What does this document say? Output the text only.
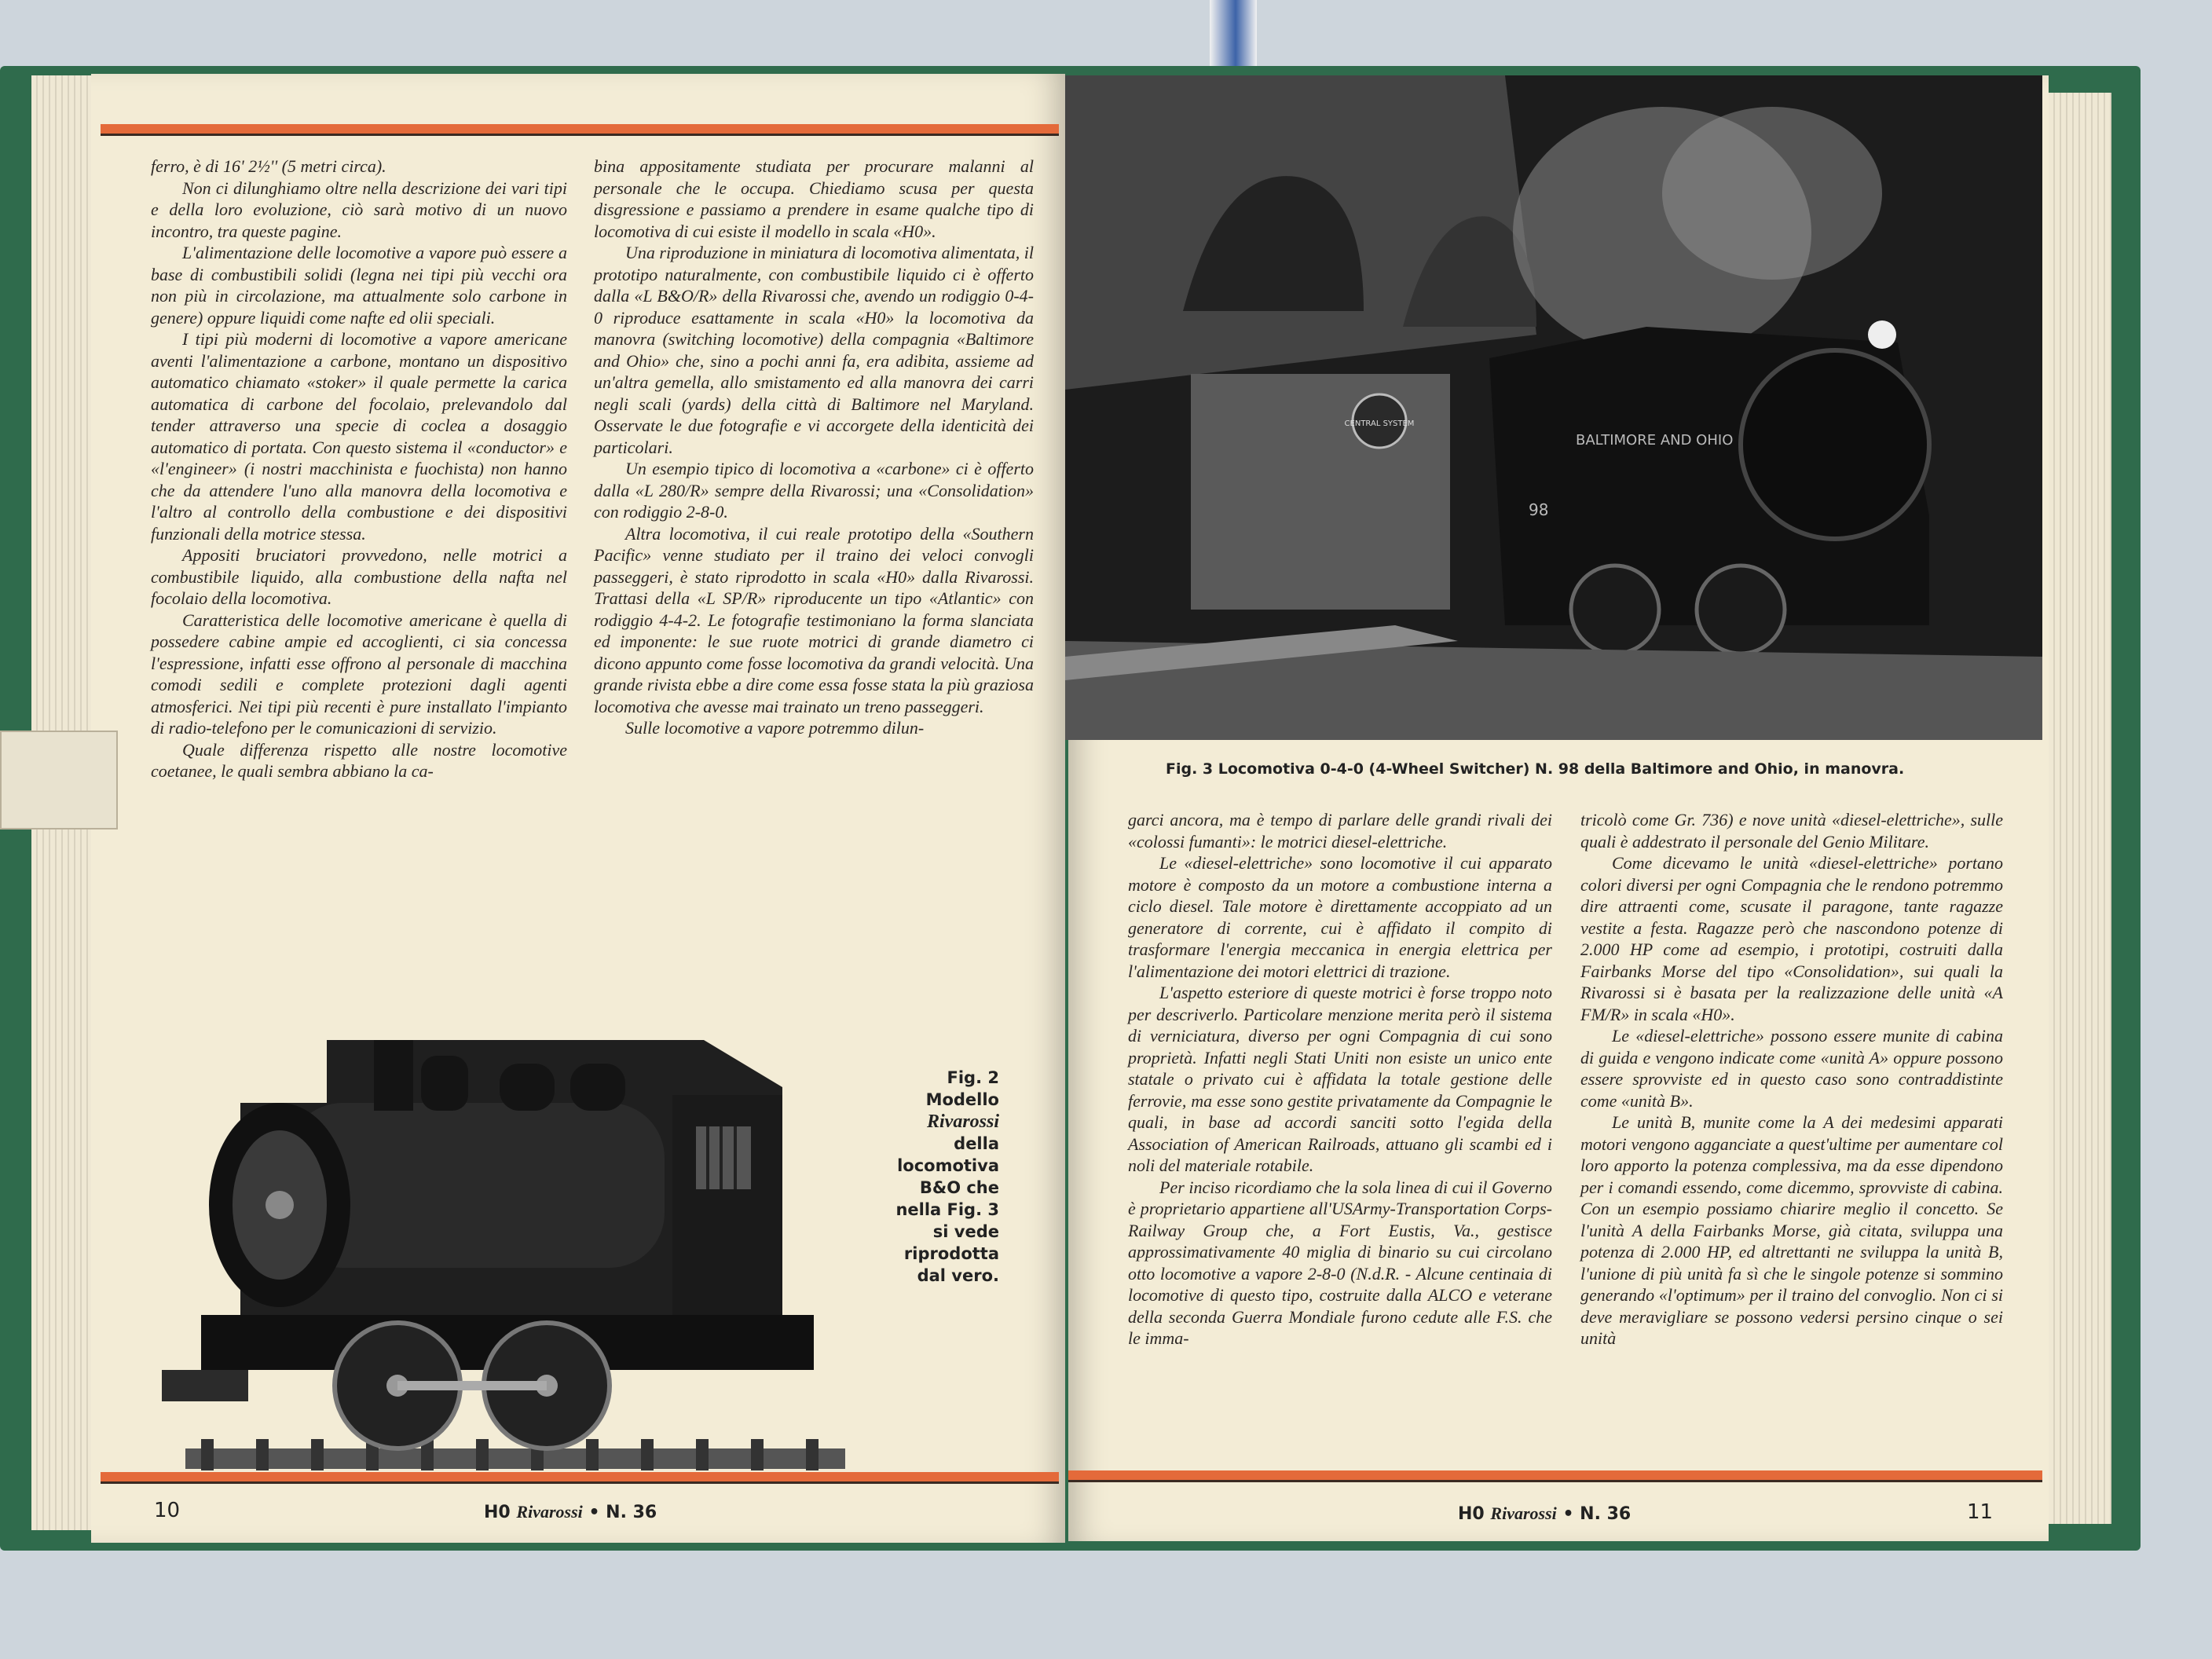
ferro, è di 16' 2½'' (5 metri circa).

Non ci dilunghiamo oltre nella descrizione dei vari tipi e della loro evoluzione, ciò sarà motivo di un nuovo incontro, tra queste pagine.

L'alimentazione delle locomotive a vapore può essere a base di combustibili solidi (legna nei tipi più vecchi ora non più in circolazione, ma attualmente solo carbone in genere) oppure liquidi come nafte ed olii speciali.

I tipi più moderni di locomotive a vapore americane aventi l'alimentazione a carbone, montano un dispositivo automatico chiamato «stoker» il quale permette la carica automatica di carbone del focolaio, prelevandolo dal tender attraverso una specie di coclea a dosaggio automatico di portata. Con questo sistema il «conductor» e «l'engineer» (i nostri macchinista e fuochista) non hanno che da attendere l'uno alla manovra della locomotiva e l'altro al controllo della combustione e dei dispositivi funzionali della motrice stessa.

Appositi bruciatori provvedono, nelle motrici a combustibile liquido, alla combustione della nafta nel focolaio della locomotiva.

Caratteristica delle locomotive americane è quella di possedere cabine ampie ed accoglienti, ci sia concessa l'espressione, infatti esse offrono al personale di macchina comodi sedili e complete protezioni dagli agenti atmosferici. Nei tipi più recenti è pure installato l'impianto di radio-telefono per le comunicazioni di servizio.

Quale differenza rispetto alle nostre locomotive coetanee, le quali sembra abbiano la ca-

bina appositamente studiata per procurare malanni al personale che le occupa. Chiediamo scusa per questa disgressione e passiamo a prendere in esame qualche tipo di locomotiva di cui esiste il modello in scala «H0».

Una riproduzione in miniatura di locomotiva alimentata, il prototipo naturalmente, con combustibile liquido ci è offerto dalla «L B&O/R» della Rivarossi che, avendo un rodiggio 0-4-0 riproduce esattamente in scala «H0» la locomotiva da manovra (switching locomotive) della compagnia «Baltimore and Ohio» che, sino a pochi anni fa, era adibita, assieme ad un'altra gemella, allo smistamento ed alla manovra dei carri negli scali (yards) della città di Baltimore nel Maryland. Osservate le due fotografie e vi accorgete della identicità dei particolari.

Un esempio tipico di locomotiva a «carbone» ci è offerto dalla «L 280/R» sempre della Rivarossi; una «Consolidation» con rodiggio 2-8-0.

Altra locomotiva, il cui reale prototipo della «Southern Pacific» venne studiato per il traino dei veloci convogli passeggeri, è stato riprodotto in scala «H0» dalla Rivarossi. Trattasi della «L SP/R» riproducente un tipo «Atlantic» con rodiggio 4-4-2. Le fotografie testimoniano la forma slanciata ed imponente: le sue ruote motrici di grande diametro ci dicono appunto come fosse locomotiva da grandi velocità. Una grande rivista ebbe a dire come essa fosse stata la più graziosa locomotiva che avesse mai trainato un treno passeggeri.

Sulle locomotive a vapore potremmo dilun-

Fig. 2
Modello
Rivarossi
della
locomotiva
B&O che
nella Fig. 3
si vede
riprodotta
dal vero.
10	H0 Rivarossi • N. 36
Fig. 3 Locomotiva 0-4-0 (4-Wheel Switcher) N. 98 della Baltimore and Ohio, in manovra.

garci ancora, ma è tempo di parlare delle grandi rivali dei «colossi fumanti»: le motrici diesel-elettriche.

Le «diesel-elettriche» sono locomotive il cui apparato motore è composto da un motore a combustione interna a ciclo diesel. Tale motore è direttamente accoppiato ad un generatore di corrente, cui è affidato il compito di trasformare l'energia meccanica in energia elettrica per l'alimentazione dei motori elettrici di trazione.

L'aspetto esteriore di queste motrici è forse troppo noto per descriverlo. Particolare menzione merita però il sistema di verniciatura, diverso per ogni Compagnia di cui sono proprietà. Infatti negli Stati Uniti non esiste un unico ente statale o privato cui è affidata la totale gestione delle ferrovie, ma esse sono gestite privatamente da Compagnie le quali, in base ad accordi sanciti sotto l'egida della Association of American Railroads, attuano gli scambi ed i noli del materiale rotabile.

Per inciso ricordiamo che la sola linea di cui il Governo è proprietario appartiene all'USArmy-Transportation Corps-Railway Group che, a Fort Eustis, Va., gestisce approssimativamente 40 miglia di binario su cui circolano otto locomotive a vapore 2-8-0 (N.d.R. - Alcune centinaia di locomotive di questo tipo, costruite dalla ALCO e veterane della seconda Guerra Mondiale furono cedute alle F.S. che le imma-

tricolò come Gr. 736) e nove unità «diesel-elettriche», sulle quali è addestrato il personale del Genio Militare.

Come dicevamo le unità «diesel-elettriche» portano colori diversi per ogni Compagnia che le rendono potremmo dire attraenti come, scusate il paragone, tante ragazze vestite a festa. Ragazze però che nascondono potenze di 2.000 HP come ad esempio, i prototipi, costruiti dalla Fairbanks Morse del tipo «Consolidation», sui quali la Rivarossi si è basata per la realizzazione delle unità «A FM/R» in scala «H0».

Le «diesel-elettriche» possono essere munite di cabina di guida e vengono indicate come «unità A» oppure possono essere sprovviste ed in questo caso sono contraddistinte come «unità B».

Le unità B, munite come la A dei medesimi apparati motori vengono agganciate a quest'ultime per aumentare col loro apporto la potenza complessiva, ma da esse dipendono per i comandi essendo, come dicemmo, sprovviste di cabina. Con un esempio possiamo chiarire meglio il concetto. Se l'unità A della Fairbanks Morse, già citata, sviluppa una potenza di 2.000 HP, ed altrettanti ne sviluppa la unità B, l'unione di più unità fa sì che le singole potenze si sommino generando «l'optimum» per il traino del convoglio. Non ci si deve meravigliare se possono vedersi persino cinque o sei unità

H0 Rivarossi • N. 36	11
CENTRAL SYSTEM
BALTIMORE AND OHIO
98
